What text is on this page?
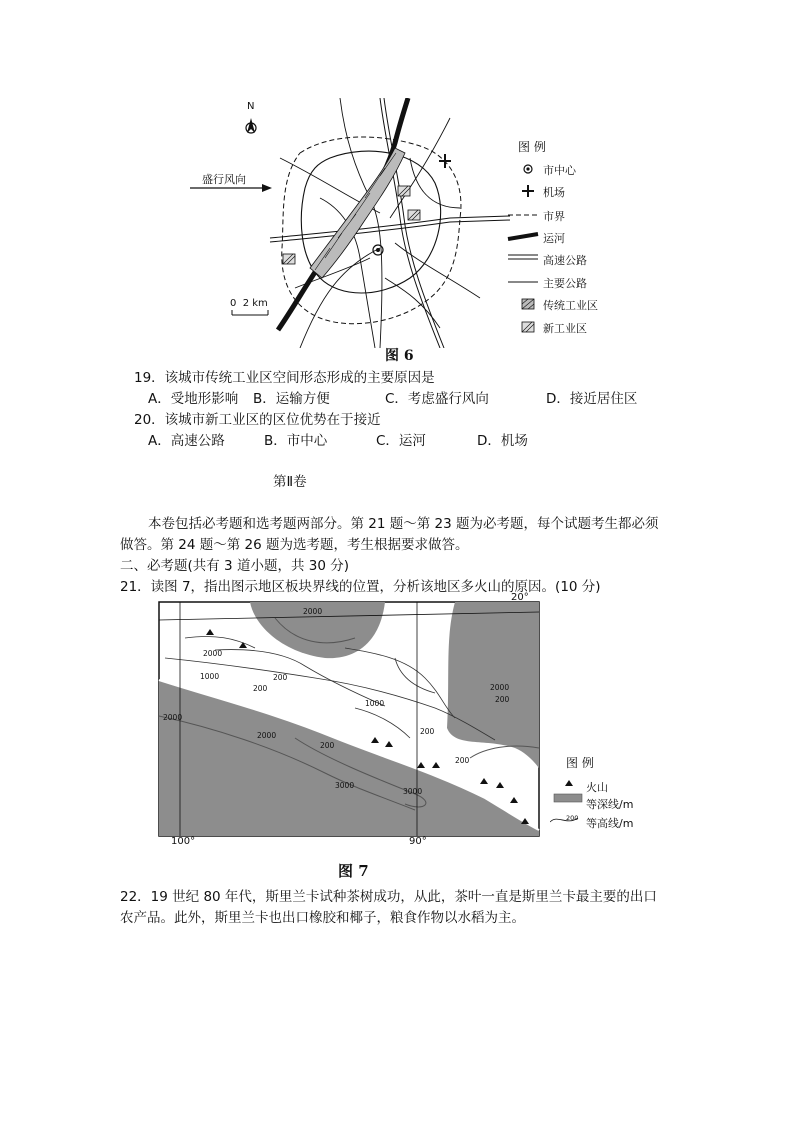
N
盛行风向
0  2 km
图 例
市中心
机场
市界
运河
高速公路
主要公路
传统工业区
新工业区
图 6
19．该城市传统工业区空间形态形成的主要原因是
A．受地形影响 B．运输方便	C．考虑盛行风向	D．接近居住区
20．该城市新工业区的区位优势在于接近
A．高速公路	B．市中心	C．运河	D．机场
第Ⅱ卷
本卷包括必考题和选考题两部分。第 21 题～第 23 题为必考题，每个试题考生都必须
做答。第 24 题～第 26 题为选考题，考生根据要求做答。
二、必考题(共有 3 道小题，共 30 分)
21．读图 7，指出图示地区板块界线的位置，分析该地区多火山的原因。(10 分)
2000
2000
1000	200
2000
200
1000
3000
2000
200
3000
2000
200
200
200
20°
100°	90°
图 例
200
火山
等深线/m
等高线/m
图 7
22．19 世纪 80 年代，斯里兰卡试种茶树成功，从此，茶叶一直是斯里兰卡最主要的出口
农产品。此外，斯里兰卡也出口橡胶和椰子，粮食作物以水稻为主。
